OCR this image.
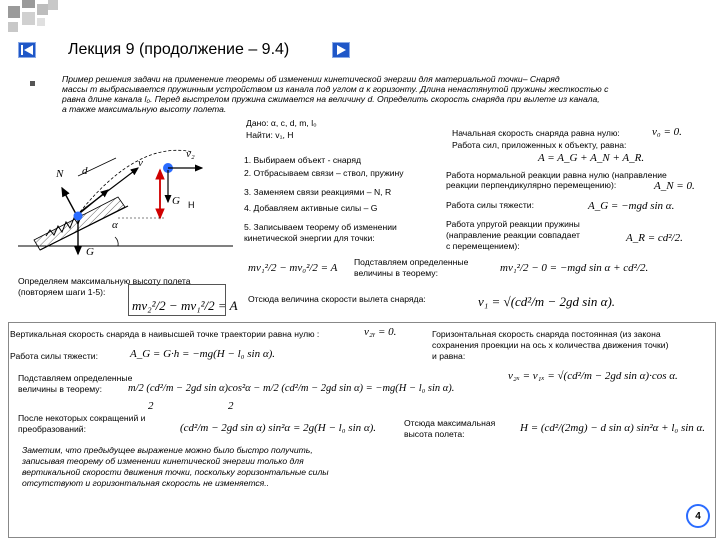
Лекция 9 (продолжение – 9.4)
Пример решения задачи на применение теоремы об изменении кинетической энергии для материальной точки– Снаряд
массы m выбрасывается пружинным устройством из канала под углом α к горизонту. Длина ненастянутой пружины жесткостью с
равна длине канала l₀. Перед выстрелом пружина сжимается на величину d. Определить скорость снаряда при вылете из канала,
а также максимальную высоту полета.
Дано: α, c, d, m, l₀
Найти: v₁, H
d
N
v
v₂
G H
α
G
1. Выбираем объект - снаряд
2. Отбрасываем связи – ствол, пружину
3. Заменяем связи реакциями – N, R
4. Добавляем активные силы – G
5. Записываем теорему об изменении
кинетической энергии для точки:
Начальная скорость снаряда равна нулю:	v₀ = 0.
Работа сил, приложенных к объекту, равна:
A = A_G + A_N + A_R.
Работа нормальной реакции равна нулю (направление
реакции перпендикулярно перемещению):	A_N = 0.
Работа силы тяжести:	A_G = −mgd sin α.
Работа упругой реакции пружины
(направление реакции совпадает
с перемещением):
A_R = cd²/2.
mv₁²/2 − mv₀²/2 = A Подставляем определенные
величины в теорему:	mv₁²/2 − 0 = −mgd sin α + cd²/2.
Определяем максимальную высоту полета
(повторяем шаги 1-5):
mv₂²/2 − mv₁²/2 = A Отсюда величина скорости вылета снаряда:	v₁ = √(cd²/m − 2gd sin α).
Вертикальная скорость снаряда в наивысшей точке траектории равна нулю :	v₂ᵧ = 0.	Горизонтальная скорость снаряда постоянная (из закона
сохранения проекции на ось x количества движения точки)
и равна:
Работа силы тяжести:	A_G = G·h = −mg(H − l₀ sin α).
v₂ₓ = v₁ₓ = √(cd²/m − 2gd sin α)·cos α.
Подставляем определенные
величины в теорему: m/2 (cd²/m − 2gd sin α)cos²α − m/2 (cd²/m − 2gd sin α) = −mg(H − l₀ sin α).
2	2
После некоторых сокращений и
преобразований:	(cd²/m − 2gd sin α) sin²α = 2g(H − l₀ sin α).	Отсюда максимальная
высота полета:	H = (cd²/(2mg) − d sin α) sin²α + l₀ sin α.
Заметим, что предыдущее выражение можно было быстро получить,
записывая теорему об изменении кинетической энергии только для
вертикальной скорости движения точки, поскольку горизонтальные силы
отсутствуют и горизонтальная скорость не изменяется..
4
